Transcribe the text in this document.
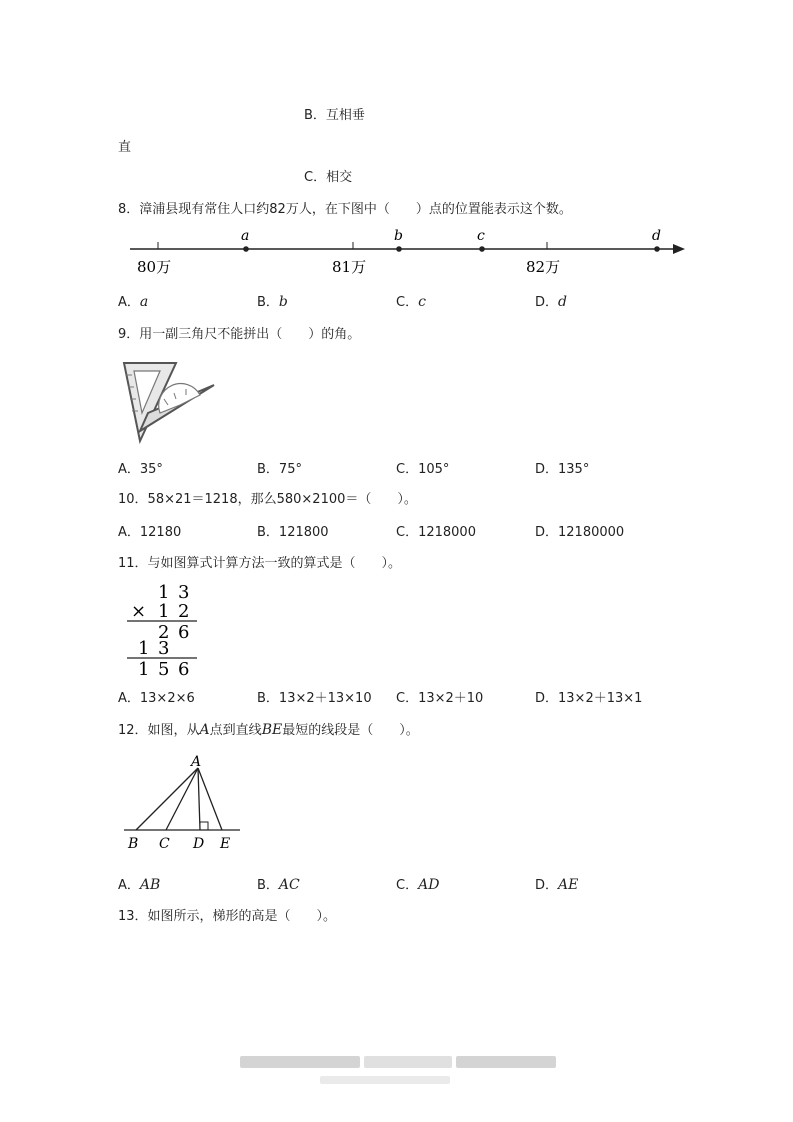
B．互相垂
直
C．相交
8．漳浦县现有常住人口约82万人，在下图中（　　）点的位置能表示这个数。
a	b	c	d
80万	81万	82万
A．a	B．b	C．c	D．d
9．用一副三角尺不能拼出（　　）的角。
A．35°	B．75°	C．105°	D．135°
10．58×21＝1218，那么580×2100＝（　　）。
A．12180	B．121800	C．1218000	D．12180000
11．与如图算式计算方法一致的算式是（　　）。
1 3
× 1 2
2 6
1 3
1 5 6
A．13×2×6	B．13×2＋13×10 C．13×2＋10	D．13×2＋13×1
12．如图，从A点到直线BE最短的线段是（　　）。
A
B C D E
A．AB	B．AC	C．AD	D．AE
13．如图所示，梯形的高是（　　）。
